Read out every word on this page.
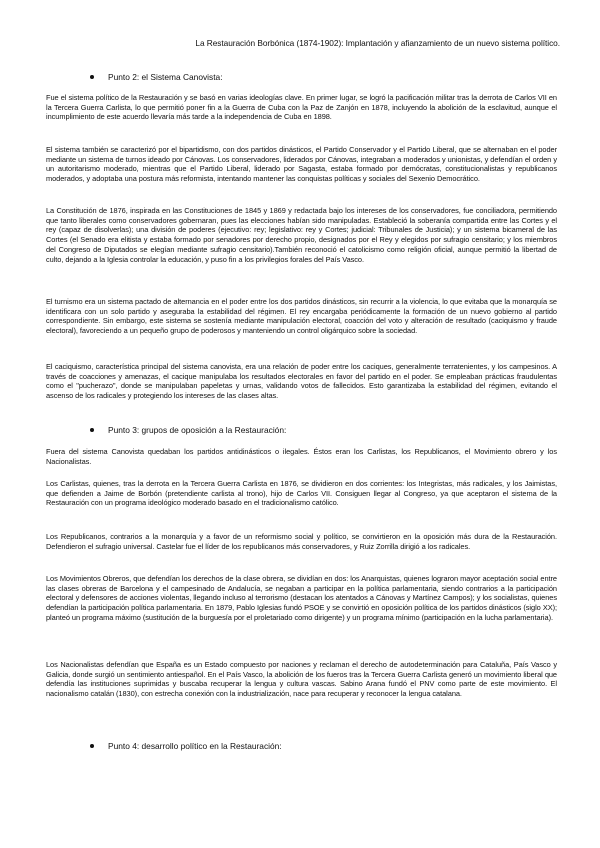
La Restauración Borbónica (1874-1902): Implantación y afianzamiento de un nuevo sistema político.
Punto 2: el Sistema Canovista:

Fue el sistema político de la Restauración y se basó en varias ideologías clave. En primer lugar, se logró la pacificación militar tras la derrota de Carlos VII en la Tercera Guerra Carlista, lo que permitió poner fin a la Guerra de Cuba con la Paz de Zanjón en 1878, incluyendo la abolición de la esclavitud, aunque el incumplimiento de este acuerdo llevaría más tarde a la independencia de Cuba en 1898.

El sistema también se caracterizó por el bipartidismo, con dos partidos dinásticos, el Partido Conservador y el Partido Liberal, que se alternaban en el poder mediante un sistema de turnos ideado por Cánovas. Los conservadores, liderados por Cánovas, integraban a moderados y unionistas, y defendían el orden y un autoritarismo moderado, mientras que el Partido Liberal, liderado por Sagasta, estaba formado por demócratas, constitucionalistas y republicanos moderados, y adoptaba una postura más reformista, intentando mantener las conquistas políticas y sociales del Sexenio Democrático.

La Constitución de 1876, inspirada en las Constituciones de 1845 y 1869 y redactada bajo los intereses de los conservadores, fue conciliadora, permitiendo que tanto liberales como conservadores gobernaran, pues las elecciones habían sido manipuladas. Estableció la soberanía compartida entre las Cortes y el rey (capaz de disolverlas); una división de poderes (ejecutivo: rey; legislativo: rey y Cortes; judicial: Tribunales de Justicia); y un sistema bicameral de las Cortes (el Senado era elitista y estaba formado por senadores por derecho propio, designados por el Rey y elegidos por sufragio censitario; y los miembros del Congreso de Diputados se elegían mediante sufragio censitario).También reconoció el catolicismo como religión oficial, aunque permitió la libertad de culto, dejando a la Iglesia controlar la educación, y puso fin a los privilegios forales del País Vasco.

El turnismo era un sistema pactado de alternancia en el poder entre los dos partidos dinásticos, sin recurrir a la violencia, lo que evitaba que la monarquía se identificara con un solo partido y aseguraba la estabilidad del régimen. El rey encargaba periódicamente la formación de un nuevo gobierno al partido correspondiente. Sin embargo, este sistema se sostenía mediante manipulación electoral, coacción del voto y alteración de resultado (caciquismo y fraude electoral), favoreciendo a un pequeño grupo de poderosos y manteniendo un control oligárquico sobre la sociedad.

El caciquismo, característica principal del sistema canovista, era una relación de poder entre los caciques, generalmente terratenientes, y los campesinos. A través de coacciones y amenazas, el cacique manipulaba los resultados electorales en favor del partido en el poder. Se empleaban prácticas fraudulentas como el "pucherazo", donde se manipulaban papeletas y urnas, validando votos de fallecidos. Esto garantizaba la estabilidad del régimen, evitando el ascenso de los radicales y protegiendo los intereses de las clases altas.

Punto 3: grupos de oposición a la Restauración:

Fuera del sistema Canovista quedaban los partidos antidinásticos o ilegales. Éstos eran los Carlistas, los Republicanos, el Movimiento obrero y los Nacionalistas.

Los Carlistas, quienes, tras la derrota en la Tercera Guerra Carlista en 1876, se dividieron en dos corrientes: los Integristas, más radicales, y los Jaimistas, que defienden a Jaime de Borbón (pretendiente carlista al trono), hijo de Carlos VII. Consiguen llegar al Congreso, ya que aceptaron el sistema de la Restauración con un programa ideológico moderado basado en el tradicionalismo católico.

Los Republicanos, contrarios a la monarquía y a favor de un reformismo social y político, se convirtieron en la oposición más dura de la Restauración. Defendieron el sufragio universal. Castelar fue el líder de los republicanos más conservadores, y Ruiz Zorrilla dirigió a los radicales.

Los Movimientos Obreros, que defendían los derechos de la clase obrera, se dividían en dos: los Anarquistas, quienes lograron mayor aceptación social entre las clases obreras de Barcelona y el campesinado de Andalucía, se negaban a participar en la política parlamentaria, siendo contrarios a la participación electoral y defensores de acciones violentas, llegando incluso al terrorismo (destacan los atentados a Cánovas y Martínez Campos); y los socialistas, quienes defendían la participación política parlamentaria. En 1879, Pablo Iglesias fundó PSOE y se convirtió en oposición política de los partidos dinásticos (siglo XX); planteó un programa máximo (sustitución de la burguesía por el proletariado como dirigente) y un programa mínimo (participación en la lucha parlamentaria).

Los Nacionalistas defendían que España es un Estado compuesto por naciones y reclaman el derecho de autodeterminación para Cataluña, País Vasco y Galicia, donde surgió un sentimiento antiespañol. En el País Vasco, la abolición de los fueros tras la Tercera Guerra Carlista generó un movimiento liberal que defendía las instituciones suprimidas y buscaba recuperar la lengua y cultura vascas. Sabino Arana fundó el PNV como parte de este movimiento. El nacionalismo catalán (1830), con estrecha conexión con la industrialización, nace para recuperar y reconocer la lengua catalana.

Punto 4: desarrollo político en la Restauración:
